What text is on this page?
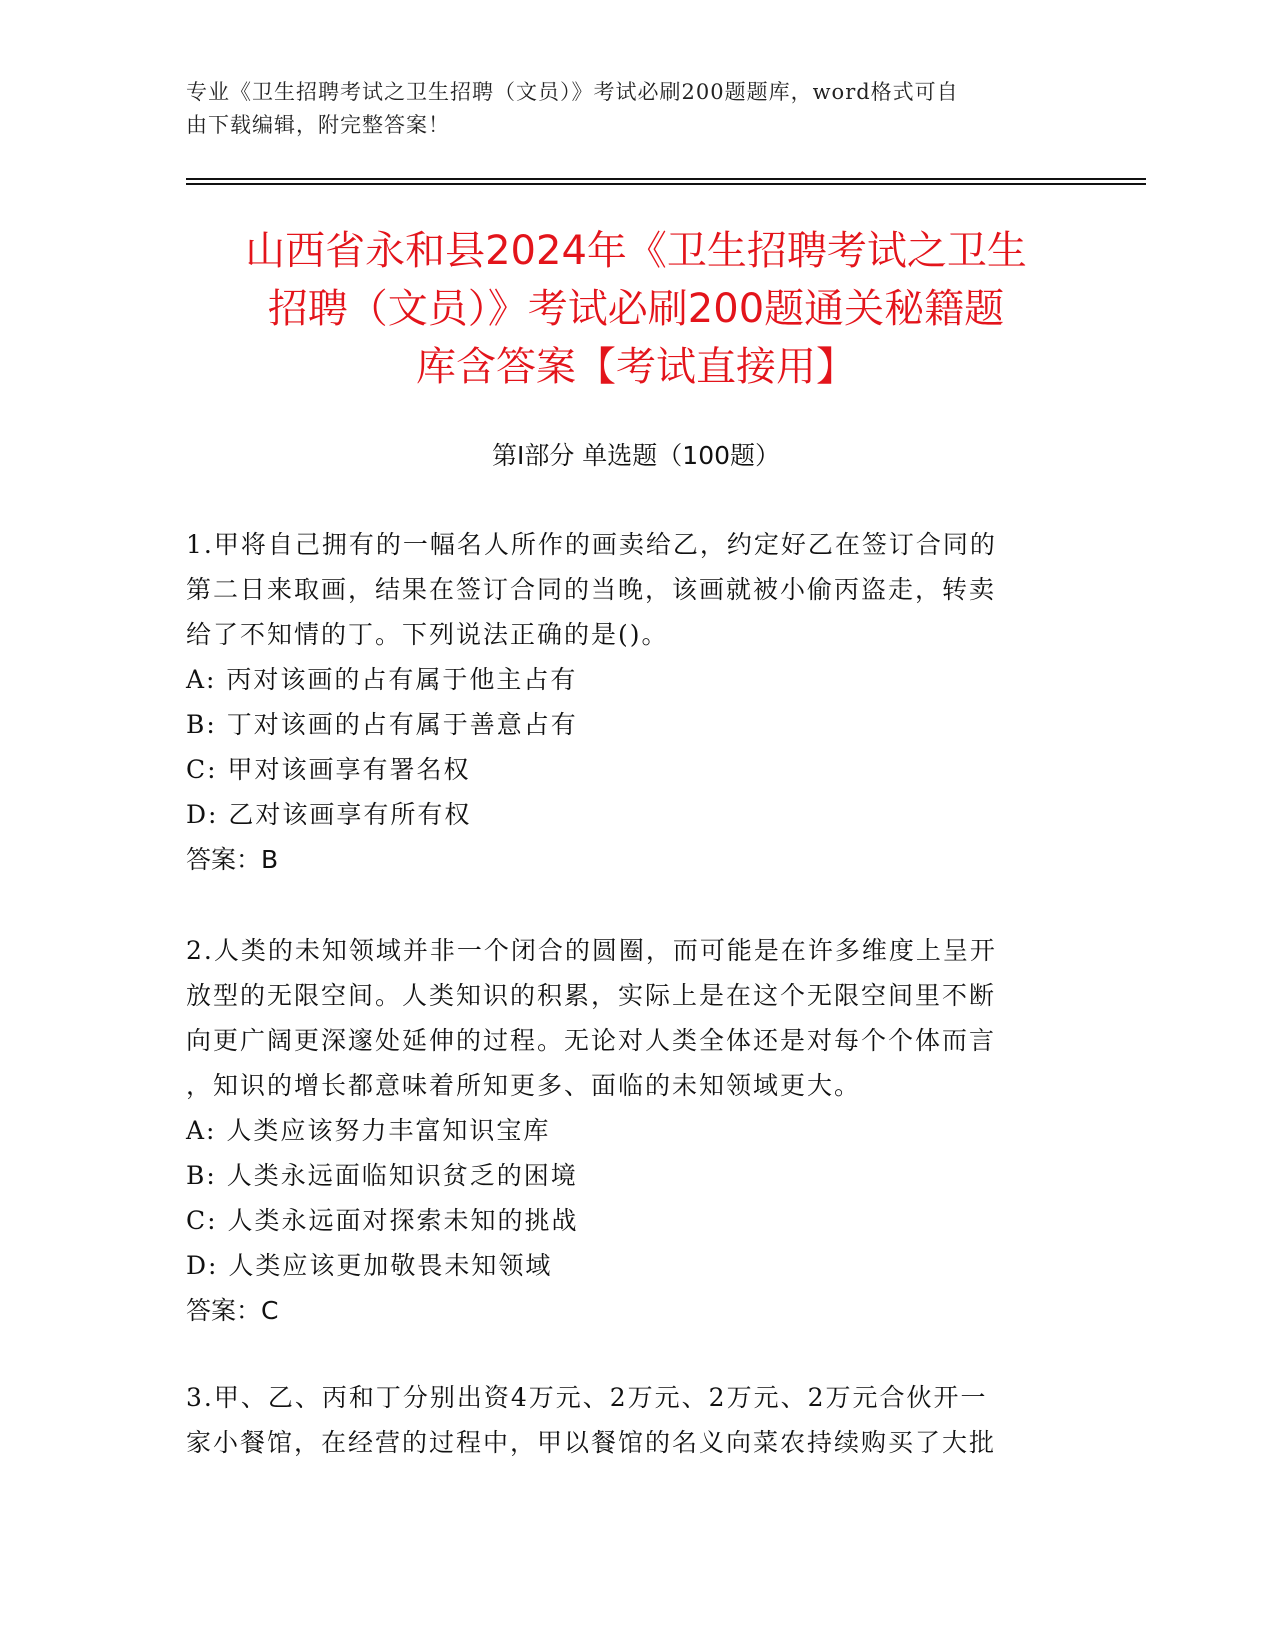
专业《卫生招聘考试之卫生招聘（文员）》考试必刷200题题库，word格式可自
由下载编辑，附完整答案！
山西省永和县2024年《卫生招聘考试之卫生
招聘（文员）》考试必刷200题通关秘籍题
库含答案【考试直接用】
第Ⅰ部分 单选题（100题）
1.甲将自己拥有的一幅名人所作的画卖给乙，约定好乙在签订合同的
第二日来取画，结果在签订合同的当晚，该画就被小偷丙盗走，转卖
给了不知情的丁。下列说法正确的是()。
A: 丙对该画的占有属于他主占有
B: 丁对该画的占有属于善意占有
C: 甲对该画享有署名权
D: 乙对该画享有所有权
答案：B
2.人类的未知领域并非一个闭合的圆圈，而可能是在许多维度上呈开
放型的无限空间。人类知识的积累，实际上是在这个无限空间里不断
向更广阔更深邃处延伸的过程。无论对人类全体还是对每个个体而言
，知识的增长都意味着所知更多、面临的未知领域更大。
A: 人类应该努力丰富知识宝库
B: 人类永远面临知识贫乏的困境
C: 人类永远面对探索未知的挑战
D: 人类应该更加敬畏未知领域
答案：C
3.甲、乙、丙和丁分别出资4万元、2万元、2万元、2万元合伙开一
家小餐馆，在经营的过程中，甲以餐馆的名义向菜农持续购买了大批
